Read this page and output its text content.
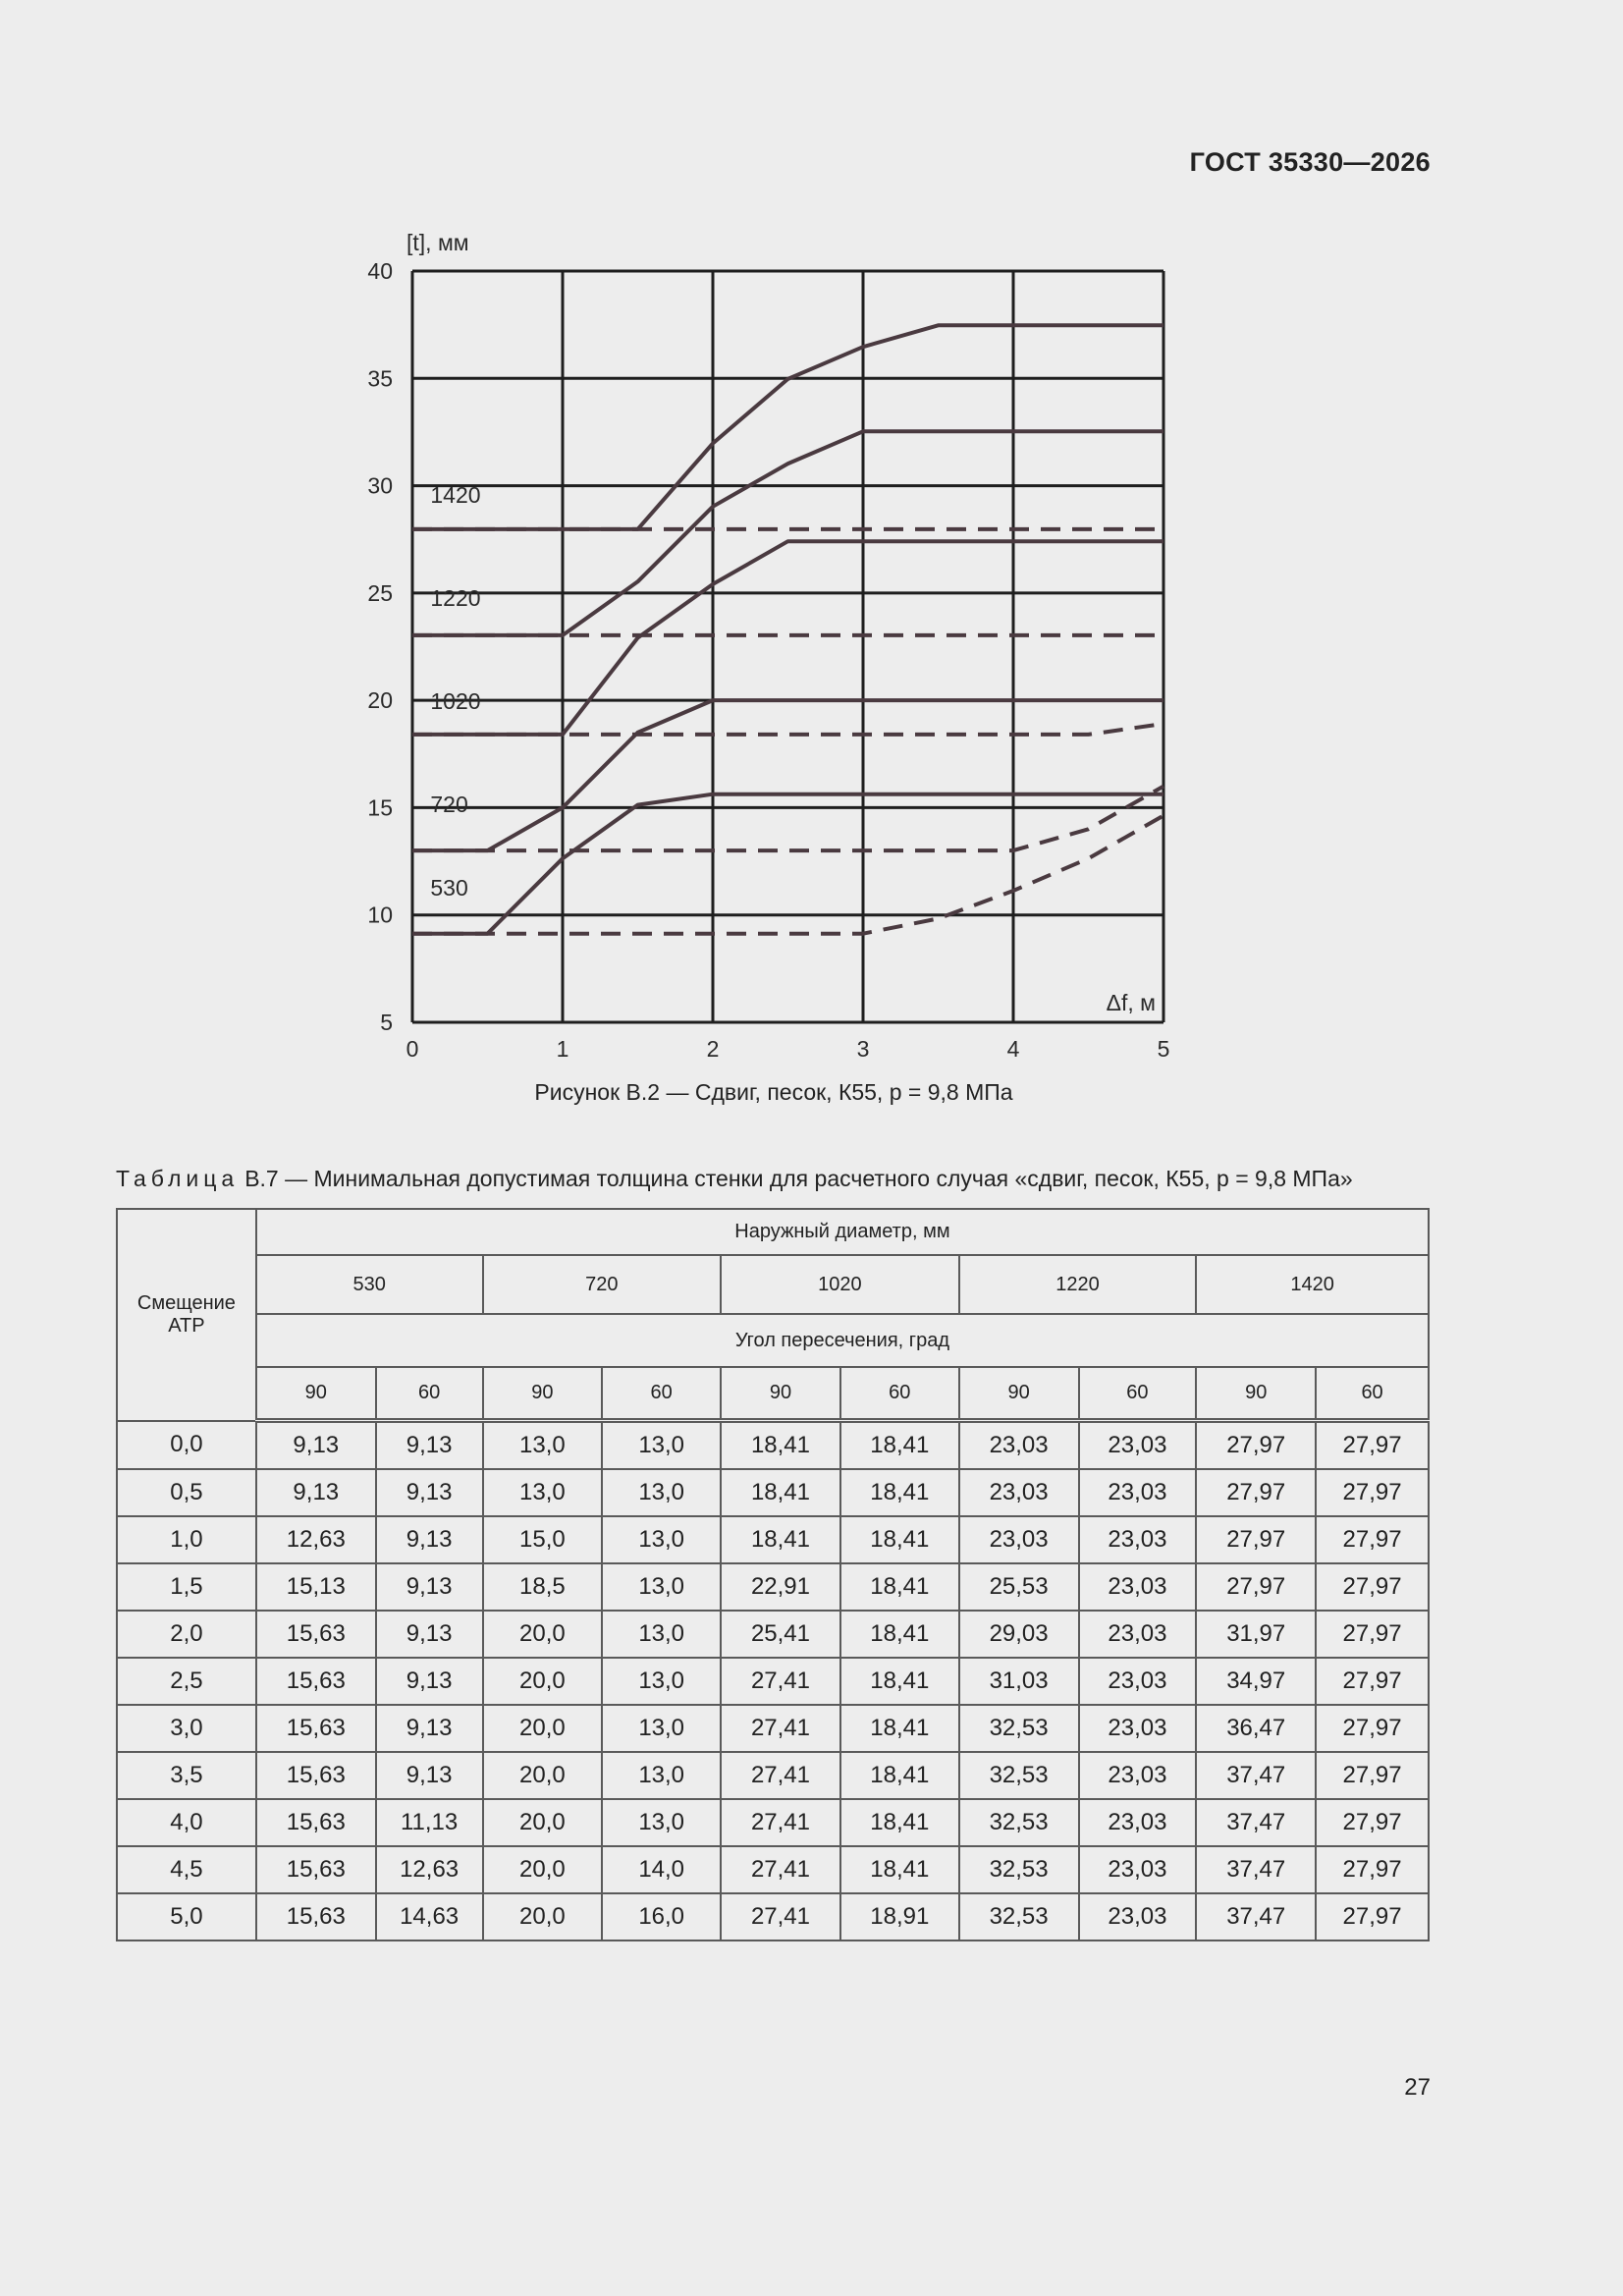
ГОСТ 35330—2026
5
10
15
20
25
30
35
40
0	1	2	3	4	5
[t], мм
Δf, м
530
720
1020
1220
1420
Рисунок В.2 — Сдвиг, песок, К55, p = 9,8 МПа
Таблица В.7 — Минимальная допустимая толщина стенки для расчетного случая «сдвиг, песок, К55, p = 9,8 МПа»
Смещение АТР	Наружный диаметр, мм									
	530		720		1020		1220		1420	
	Угол пересечения, град									
	90	60	90	60	90	60	90	60	90	60
0,0	9,13	9,13	13,0	13,0	18,41	18,41	23,03	23,03	27,97	27,97
0,5	9,13	9,13	13,0	13,0	18,41	18,41	23,03	23,03	27,97	27,97
1,0	12,63	9,13	15,0	13,0	18,41	18,41	23,03	23,03	27,97	27,97
1,5	15,13	9,13	18,5	13,0	22,91	18,41	25,53	23,03	27,97	27,97
2,0	15,63	9,13	20,0	13,0	25,41	18,41	29,03	23,03	31,97	27,97
2,5	15,63	9,13	20,0	13,0	27,41	18,41	31,03	23,03	34,97	27,97
3,0	15,63	9,13	20,0	13,0	27,41	18,41	32,53	23,03	36,47	27,97
3,5	15,63	9,13	20,0	13,0	27,41	18,41	32,53	23,03	37,47	27,97
4,0	15,63	11,13	20,0	13,0	27,41	18,41	32,53	23,03	37,47	27,97
4,5	15,63	12,63	20,0	14,0	27,41	18,41	32,53	23,03	37,47	27,97
5,0	15,63	14,63	20,0	16,0	27,41	18,91	32,53	23,03	37,47	27,97
27
